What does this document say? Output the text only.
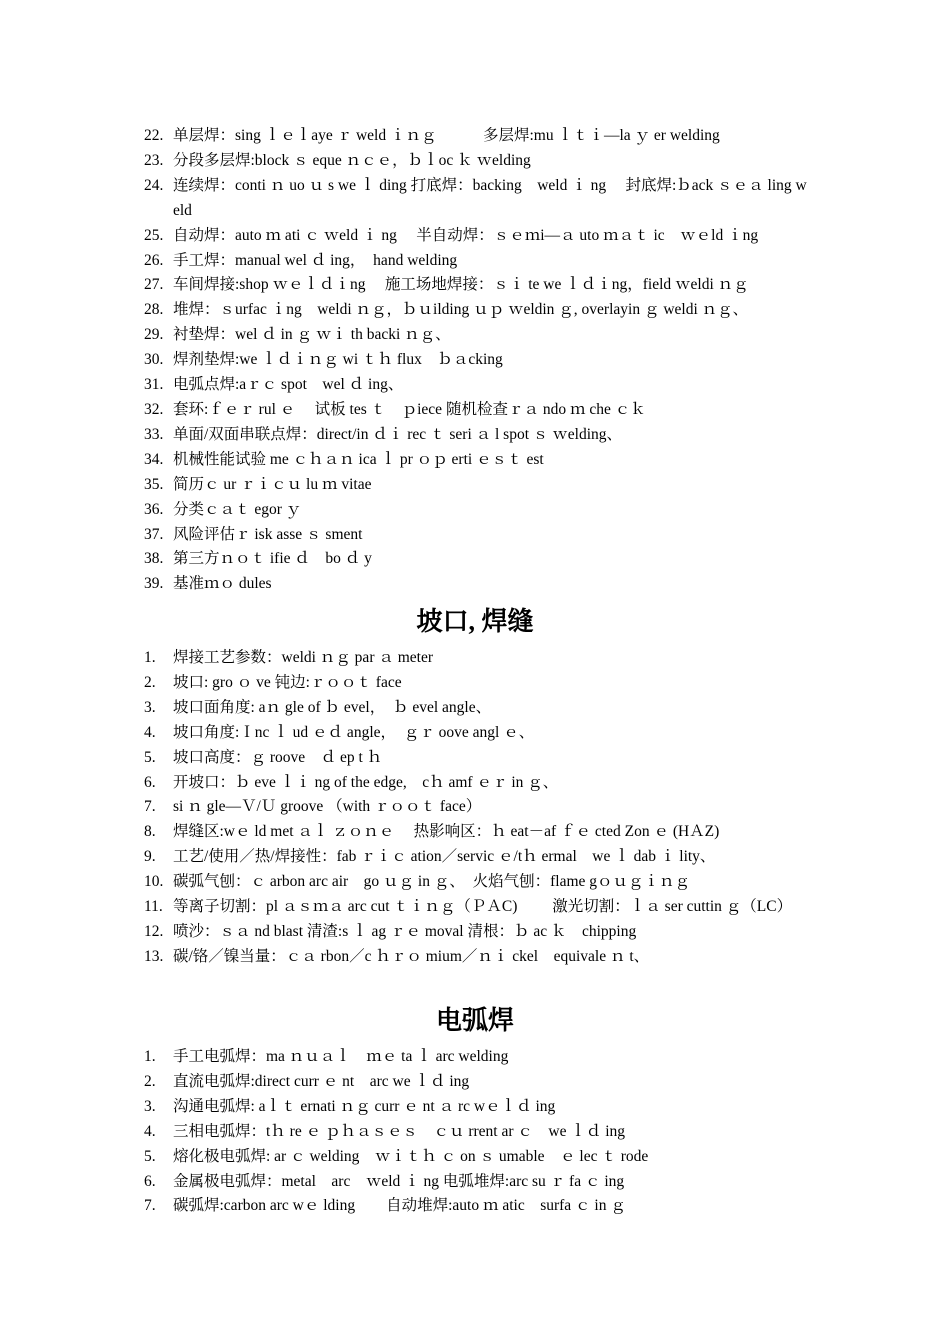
22. 单层焊：sing ｌｅｌaye ｒ weld ｉｎｇ　　　多层焊:mu ｌｔｉ—la ｙ er welding
23. 分段多层焊:block ｓ eque ｎｃｅ，ｂｌoc ｋ ｗelding
24. 连续焊：conti ｎ uo ｕ s we ｌ ding 打底焊：backing　weld ｉ ng　 封底焊:ｂack ｓｅａ ling weld
25. 自动焊：auto ｍ ati ｃ ｗeld ｉ ng　 半自动焊：ｓｅｍi—ａ uto ｍａｔ ic　ｗｅld ｉng
26. 手工焊：manual wel ｄ ing，　hand welding
27. 车间焊接:shop ｗｅｌｄｉng　 施工场地焊接：ｓｉ te we ｌｄｉng，field ｗeldi ｎｇ
28. 堆焊：ｓurfac ｉng　weldi ｎｇ，ｂｕilding ｕｐ ｗeldin ｇ, overlayin ｇ weldi ｎｇ、
29. 衬垫焊：wel ｄ in ｇ ｗｉ th backi ｎｇ、
30. 焊剂垫焊:we ｌｄｉｎｇ wi ｔｈ flux　ｂａcking
31. 电弧点焊:aｒｃ spot　wel ｄ ing、
32. 套环:ｆｅｒ rul ｅ　 试板 tes ｔ　ｐiece 随机检查ｒａ ndo ｍ che ｃｋ
33. 单面/双面串联点焊：direct/in ｄｉ rec ｔ seri ａ l spot ｓ ｗelding、
34. 机械性能试验 me ｃｈａｎ ica ｌ pr ｏｐ erti ｅｓｔ est
35. 简历ｃ ur ｒｉｃｕ lu ｍ vitae
36. 分类ｃａｔ egor ｙ
37. 风险评估ｒ isk asse ｓ sment
38. 第三方ｎｏｔ ifie ｄ　bo ｄ y
39. 基准ｍｏ dules
坡口, 焊缝
1.	焊接工艺参数：weldi ｎｇ par ａ meter
2.	坡口: gro ｏ ve 钝边:ｒｏｏｔ face
3.	坡口面角度: aｎ gle of ｂ evel，　ｂ evel angle、
4.	坡口角度:Ｉnc ｌ ud ｅｄ angle，　ｇｒ oove angl ｅ、
5.	坡口高度：ｇ roove　ｄ ep t ｈ
6.	开坡口：ｂ eve ｌｉ ng of the edge,　cｈ amf ｅｒ in ｇ、
7.	si ｎ gle—Ｖ/Ｕ groove （with ｒｏｏｔ face）
8.	焊缝区:wｅ ld met ａｌ ｚｏｎｅ　 热影响区：ｈ eat－af ｆｅ cted Zon ｅ (HＡZ)
9.	工艺/使用／热/焊接性：fab ｒｉｃ ation／servic ｅ/tｈ ermal　we ｌ dab ｉ lity、
10. 碳弧气刨：ｃ arbon arc air　go ｕｇ in ｇ、　火焰气刨：flame gｏｕｇｉｎｇ
11. 等离子切割：pl ａｓｍａ arc cut ｔｉｎｇ（ＰＡC)　　 激光切割：ｌａ ser cuttin ｇ（LC）
12. 喷沙：ｓａ nd blast 清渣:s ｌ ag ｒｅ moval 清根：ｂ ac ｋ　chipping
13. 碳/铬／镍当量：ｃａ rbon／c ｈｒｏ mium／ｎｉ ckel　equivale ｎ t、
电弧焊
1.	手工电弧焊：ma ｎｕａｌ　ｍｅ ta ｌ arc welding
2.	直流电弧焊:direct curr ｅ nt　arc we ｌｄ ing
3.	沟通电弧焊: aｌｔ ernati ｎｇ curr ｅ nt ａ rc wｅｌｄ ing
4.	三相电弧焊：tｈ re ｅ ｐｈａｓｅｓ　ｃｕ rrent ar ｃ　we ｌｄ ing
5.	熔化极电弧焊: ar ｃ welding　ｗｉｔｈ ｃ on ｓ umable　ｅ lec ｔ rode
6.	金属极电弧焊：metal　arc　ｗeld ｉ ng 电弧堆焊:arc su ｒ fa ｃ ing
7.	碳弧焊:carbon arc wｅ lding　　自动堆焊:auto ｍ atic　surfa ｃ in ｇ
